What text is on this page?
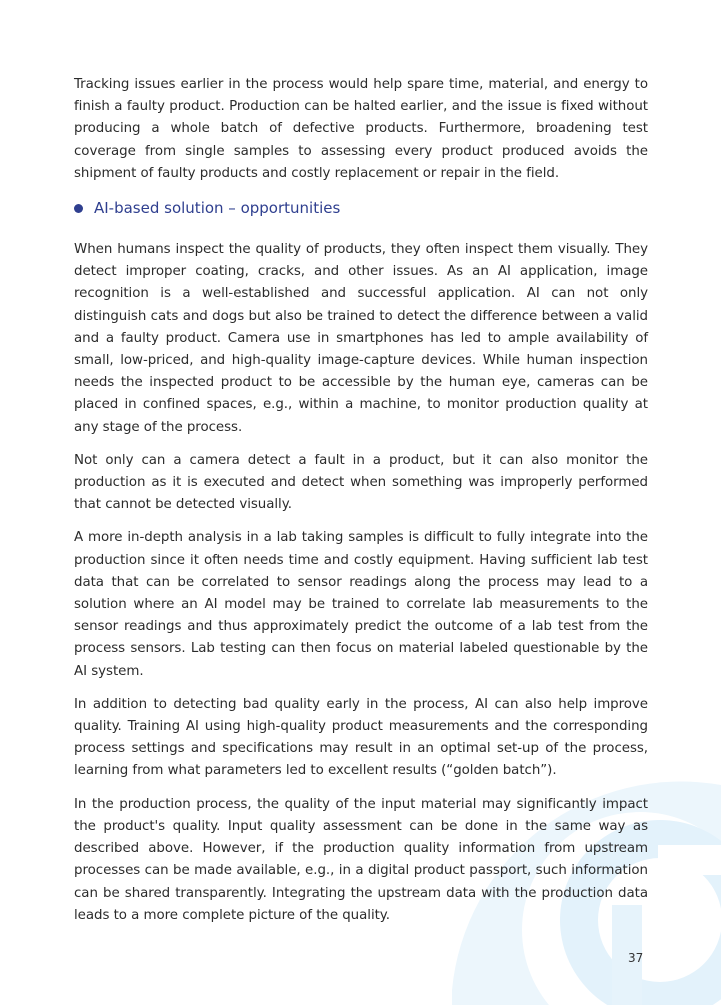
Tracking issues earlier in the process would help spare time, material, and energy to finish a faulty product. Production can be halted earlier, and the issue is fixed without producing a whole batch of defective products. Furthermore, broadening test coverage from single samples to assessing every product produced avoids the shipment of faulty products and costly replacement or repair in the field.

AI-based solution – opportunities

When humans inspect the quality of products, they often inspect them visually. They detect improper coating, cracks, and other issues. As an AI application, image recognition is a well-established and successful application. AI can not only distinguish cats and dogs but also be trained to detect the difference between a valid and a faulty product. Camera use in smartphones has led to ample availability of small, low-priced, and high-quality image-capture devices. While human inspection needs the inspected product to be accessible by the human eye, cameras can be placed in confined spaces, e.g., within a machine, to monitor production quality at any stage of the process.

Not only can a camera detect a fault in a product, but it can also monitor the production as it is executed and detect when something was improperly performed that cannot be detected visually.

A more in-depth analysis in a lab taking samples is difficult to fully integrate into the production since it often needs time and costly equipment. Having sufficient lab test data that can be correlated to sensor readings along the process may lead to a solution where an AI model may be trained to correlate lab measurements to the sensor readings and thus approximately predict the outcome of a lab test from the process sensors. Lab testing can then focus on material labeled questionable by the AI system.

In addition to detecting bad quality early in the process, AI can also help improve quality. Training AI using high-quality product measurements and the corresponding process settings and specifications may result in an optimal set-up of the process, learning from what parameters led to excellent results (“golden batch”).

In the production process, the quality of the input material may significantly impact the product's quality. Input quality assessment can be done in the same way as described above. However, if the production quality information from upstream processes can be made available, e.g., in a digital product passport, such information can be shared transparently. Integrating the upstream data with the production data leads to a more complete picture of the quality.

37
